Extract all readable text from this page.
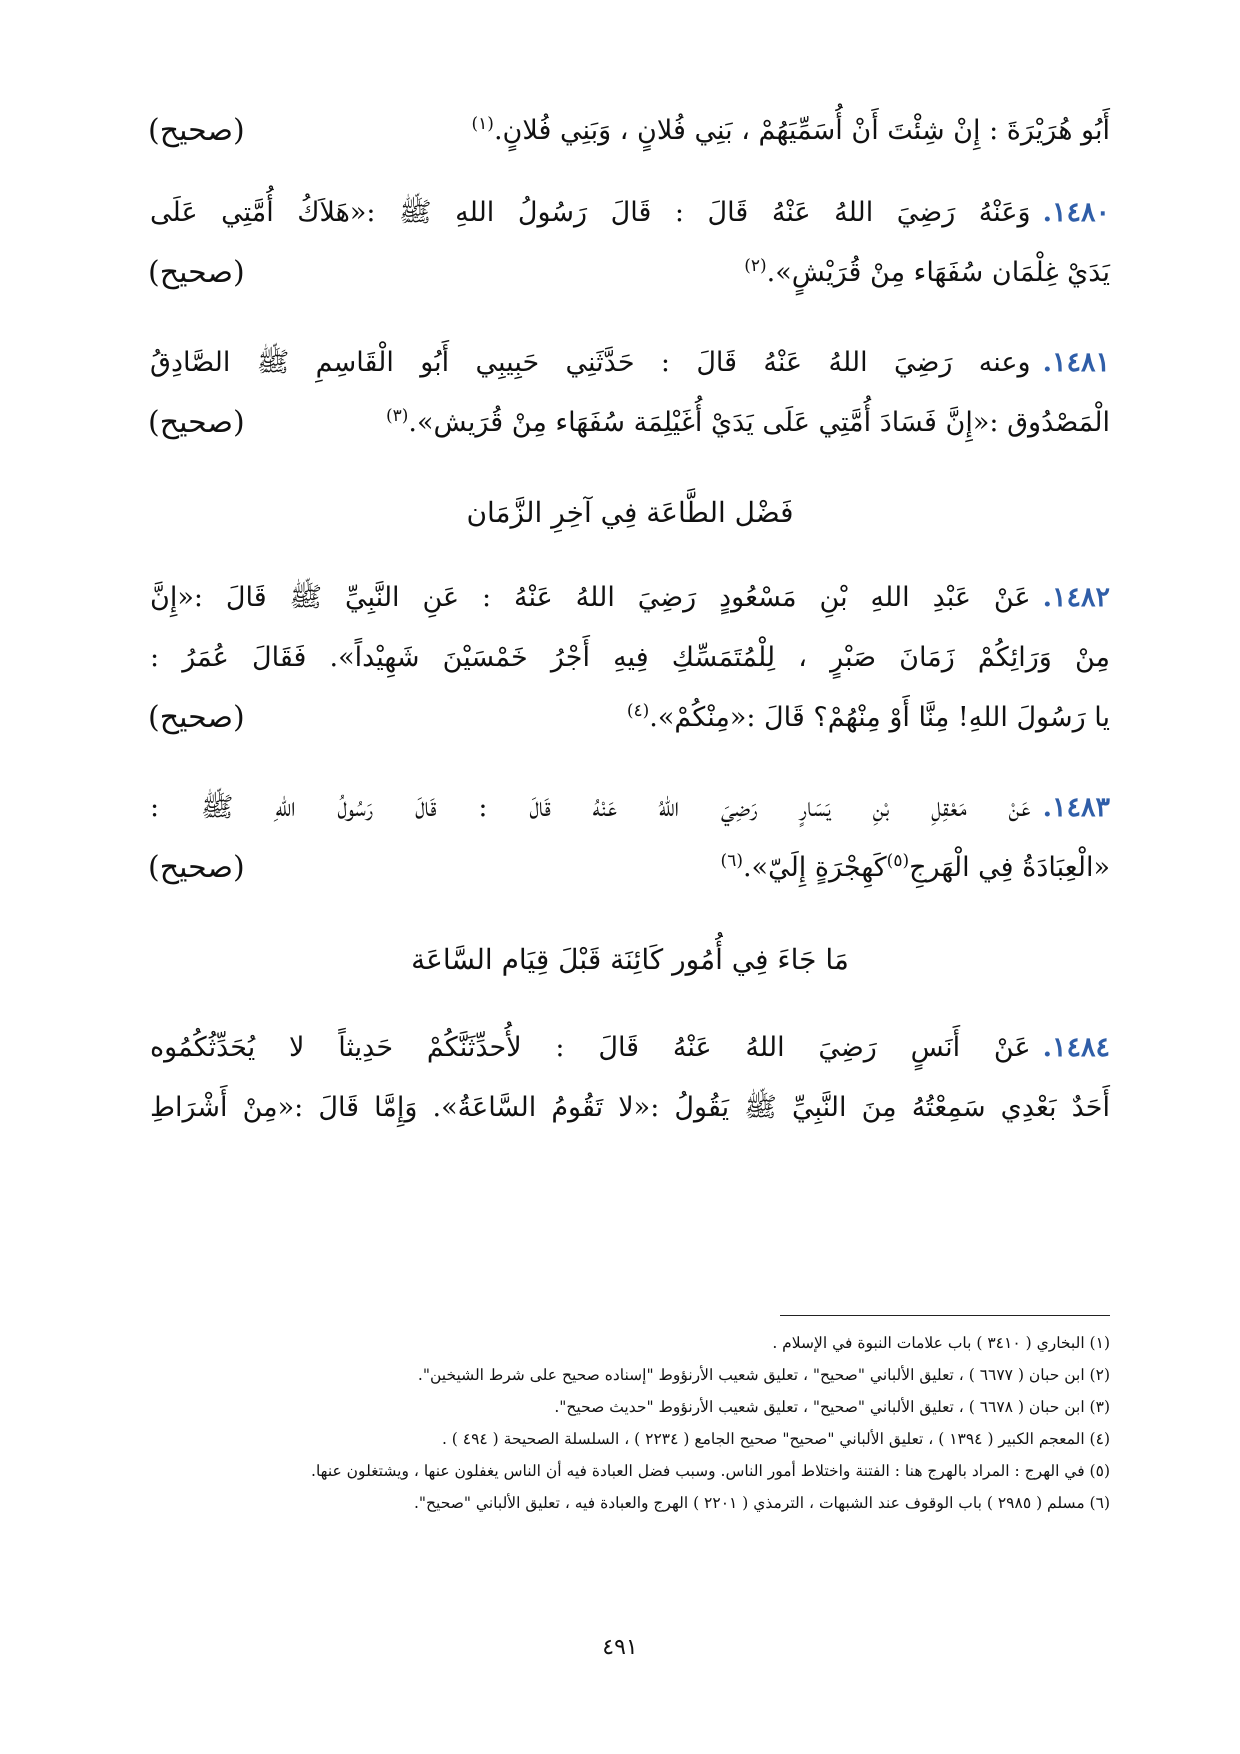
أَبُو هُرَيْرَةَ : إِنْ شِئْتَ أَنْ أُسَمِّيَهُمْ ، بَنِي فُلانٍ ، وَبَنِي فُلانٍ.$^{(١)}$
(صحيح)
١٤٨٠.وَعَنْهُ رَضِيَ اللهُ عَنْهُ قَالَ : قَالَ رَسُولُ اللهِ ﷺ :«هَلاَكُ أُمَّتِي عَلَى
يَدَيْ غِلْمَان سُفَهَاء مِنْ قُرَيْشٍ».$^{(٢)}$
(صحيح)
١٤٨١.وعنه رَضِيَ اللهُ عَنْهُ قَالَ : حَدَّثَنِي حَبِيبِي أَبُو الْقَاسِمِ ﷺ الصَّادِقُ
الْمَصْدُوق :«إِنَّ فَسَادَ أُمَّتِي عَلَى يَدَيْ أُغَيْلِمَة سُفَهَاء مِنْ قُرَيش».$^{(٣)}$
(صحيح)
فَضْل الطَّاعَة فِي آخِرِ الزَّمَان
١٤٨٢.عَنْ عَبْدِ اللهِ بْنِ مَسْعُودٍ رَضِيَ اللهُ عَنْهُ : عَنِ النَّبِيِّ ﷺ قَالَ :«إِنَّ
مِنْ وَرَائِكُمْ زَمَانَ صَبْرٍ ، لِلْمُتَمَسِّكِ فِيهِ أَجْرُ خَمْسَيْنَ شَهِيْداً». فَقَالَ عُمَرُ :
يا رَسُولَ اللهِ! مِنَّا أَوْ مِنْهُمْ؟ قَالَ :«مِنْكُمْ».$^{(٤)}$
(صحيح)
١٤٨٣.عَنْ مَعْقِلِ بْنِ يَسَارٍ رَضِيَ اللهُ عَنْهُ قَالَ : قَالَ رَسُولُ اللهِ ﷺ :
«الْعِبَادَةُ فِي الْهَرجِ$^{(٥)}$كَهِجْرَةٍ إِلَيّ».$^{(٦)}$
(صحيح)
مَا جَاءَ فِي أُمُور كَائِنَة قَبْلَ قِيَام السَّاعَة
١٤٨٤.عَنْ أَنَسٍ رَضِيَ اللهُ عَنْهُ قَالَ : لأُحدِّثَنَّكُمْ حَدِيثاً لا يُحَدِّثُكُمُوه
أَحَدٌ بَعْدِي سَمِعْتُهُ مِنَ النَّبِيِّ ﷺ يَقُولُ :«لا تَقُومُ السَّاعَةُ». وَإِمَّا قَالَ :«مِنْ أَشْرَاطِ
(١) البخاري ( ٣٤١٠ ) باب علامات النبوة في الإسلام .
(٢) ابن حبان ( ٦٦٧٧ ) ، تعليق الألباني "صحيح" ، تعليق شعيب الأرنؤوط "إسناده صحيح على شرط الشيخين".
(٣) ابن حبان ( ٦٦٧٨ ) ، تعليق الألباني "صحيح" ، تعليق شعيب الأرنؤوط "حديث صحيح".
(٤) المعجم الكبير ( ١٣٩٤ ) ، تعليق الألباني "صحيح" صحيح الجامع ( ٢٢٣٤ ) ، السلسلة الصحيحة ( ٤٩٤ ) .
(٥) في الهرج : المراد بالهرج هنا : الفتنة واختلاط أمور الناس. وسبب فضل العبادة فيه أن الناس يغفلون عنها ، ويشتغلون عنها.
(٦) مسلم ( ٢٩٨٥ ) باب الوقوف عند الشبهات ، الترمذي ( ٢٢٠١ ) الهرج والعبادة فيه ، تعليق الألباني "صحيح".
٤٩١
